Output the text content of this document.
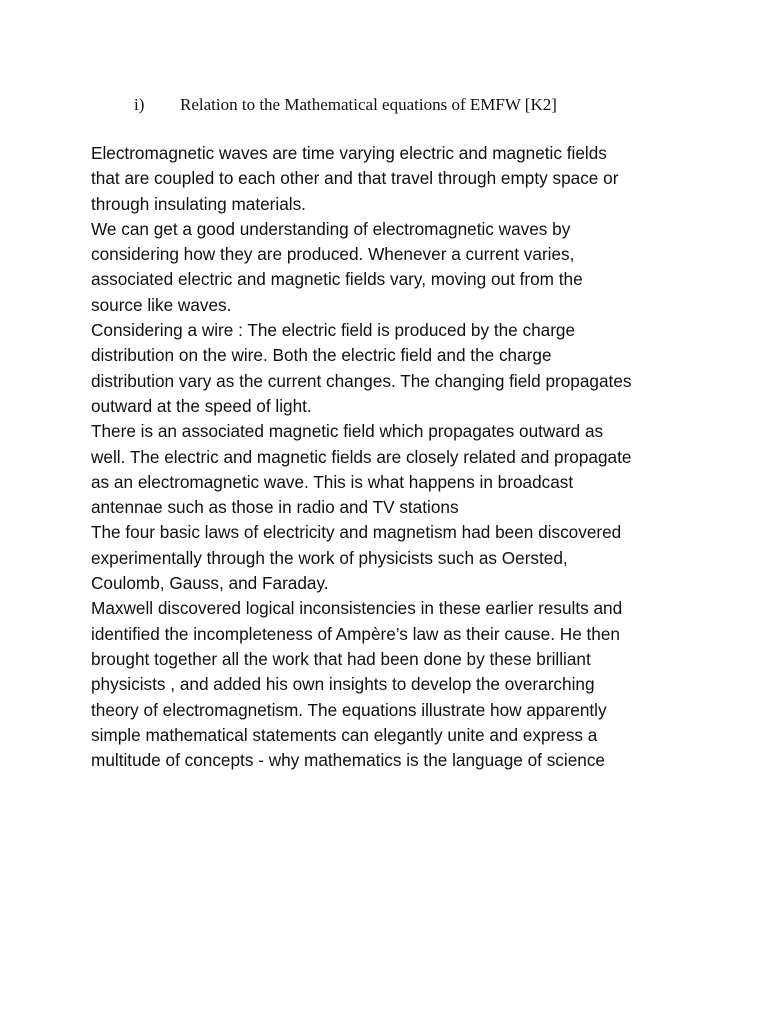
i) Relation to the Mathematical equations of EMFW [K2]
Electromagnetic waves are time varying electric and magnetic fields
that are coupled to each other and that travel through empty space or
through insulating materials.
We can get a good understanding of electromagnetic waves by
considering how they are produced. Whenever a current varies,
associated electric and magnetic fields vary, moving out from the
source like waves.
Considering a wire : The electric field is produced by the charge
distribution on the wire. Both the electric field and the charge
distribution vary as the current changes. The changing field propagates
outward at the speed of light.
There is an associated magnetic field which propagates outward as
well. The electric and magnetic fields are closely related and propagate
as an electromagnetic wave. This is what happens in broadcast
antennae such as those in radio and TV stations
The four basic laws of electricity and magnetism had been discovered
experimentally through the work of physicists such as Oersted,
Coulomb, Gauss, and Faraday.
Maxwell discovered logical inconsistencies in these earlier results and
identified the incompleteness of Ampère’s law as their cause. He then
brought together all the work that had been done by these brilliant
physicists , and added his own insights to develop the overarching
theory of electromagnetism. The equations illustrate how apparently
simple mathematical statements can elegantly unite and express a
multitude of concepts - why mathematics is the language of science
